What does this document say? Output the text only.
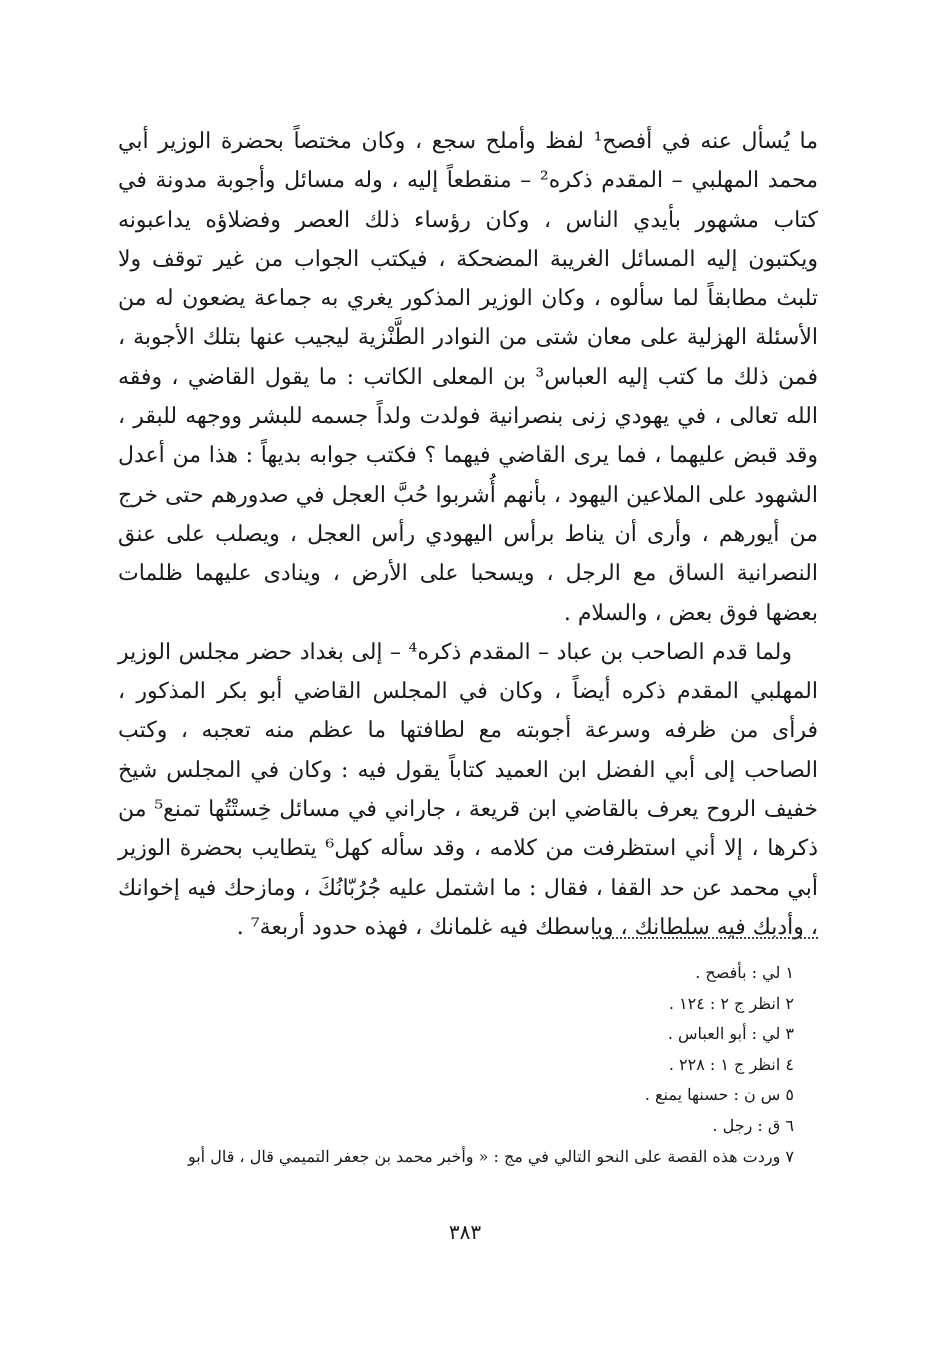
ما يُسأل عنه في أفصح¹ لفظ وأملح سجع ، وكان مختصاً بحضرة الوزير أبي محمد المهلبي – المقدم ذكره² – منقطعاً إليه ، وله مسائل وأجوبة مدونة في كتاب مشهور بأيدي الناس ، وكان رؤساء ذلك العصر وفضلاؤه يداعبونه ويكتبون إليه المسائل الغريبة المضحكة ، فيكتب الجواب من غير توقف ولا تلبث مطابقاً لما سألوه ، وكان الوزير المذكور يغري به جماعة يضعون له من الأسئلة الهزلية على معان شتى من النوادر الطَّنْزية ليجيب عنها بتلك الأجوبة ، فمن ذلك ما كتب إليه العباس³ بن المعلى الكاتب : ما يقول القاضي ، وفقه الله تعالى ، في يهودي زنى بنصرانية فولدت ولداً جسمه للبشر ووجهه للبقر ، وقد قبض عليهما ، فما يرى القاضي فيهما ؟ فكتب جوابه بديهاً : هذا من أعدل الشهود على الملاعين اليهود ، بأنهم أُشربوا حُبَّ العجل في صدورهم حتى خرج من أيورهم ، وأرى أن يناط برأس اليهودي رأس العجل ، ويصلب على عنق النصرانية الساق مع الرجل ، ويسحبا على الأرض ، وينادى عليهما ظلمات بعضها فوق بعض ، والسلام .

ولما قدم الصاحب بن عباد – المقدم ذكره⁴ – إلى بغداد حضر مجلس الوزير المهلبي المقدم ذكره أيضاً ، وكان في المجلس القاضي أبو بكر المذكور ، فرأى من ظرفه وسرعة أجوبته مع لطافتها ما عظم منه تعجبه ، وكتب الصاحب إلى أبي الفضل ابن العميد كتاباً يقول فيه : وكان في المجلس شيخ خفيف الروح يعرف بالقاضي ابن قريعة ، جاراني في مسائل خِستْتُها تمنع⁵ من ذكرها ، إلا أني استظرفت من كلامه ، وقد سأله كهل⁶ يتطايب بحضرة الوزير أبي محمد عن حد القفا ، فقال : ما اشتمل عليه جُرُبّانُكَ ، ومازحك فيه إخوانك ، وأدبك فيه سلطانك ، وباسطك فيه غلمانك ، فهذه حدود أربعة⁷ .

١ لي : بأفصح .
٢ انظر ج ٢ : ١٢٤ .
٣ لي : أبو العباس .
٤ انظر ج ١ : ٢٢٨ .
٥ س ن : حسنها يمنع .
٦ ق : رجل .
٧ وردت هذه القصة على النحو التالي في مج : « وأخبر محمد بن جعفر التميمي قال ، قال أبو
٣٨٣
